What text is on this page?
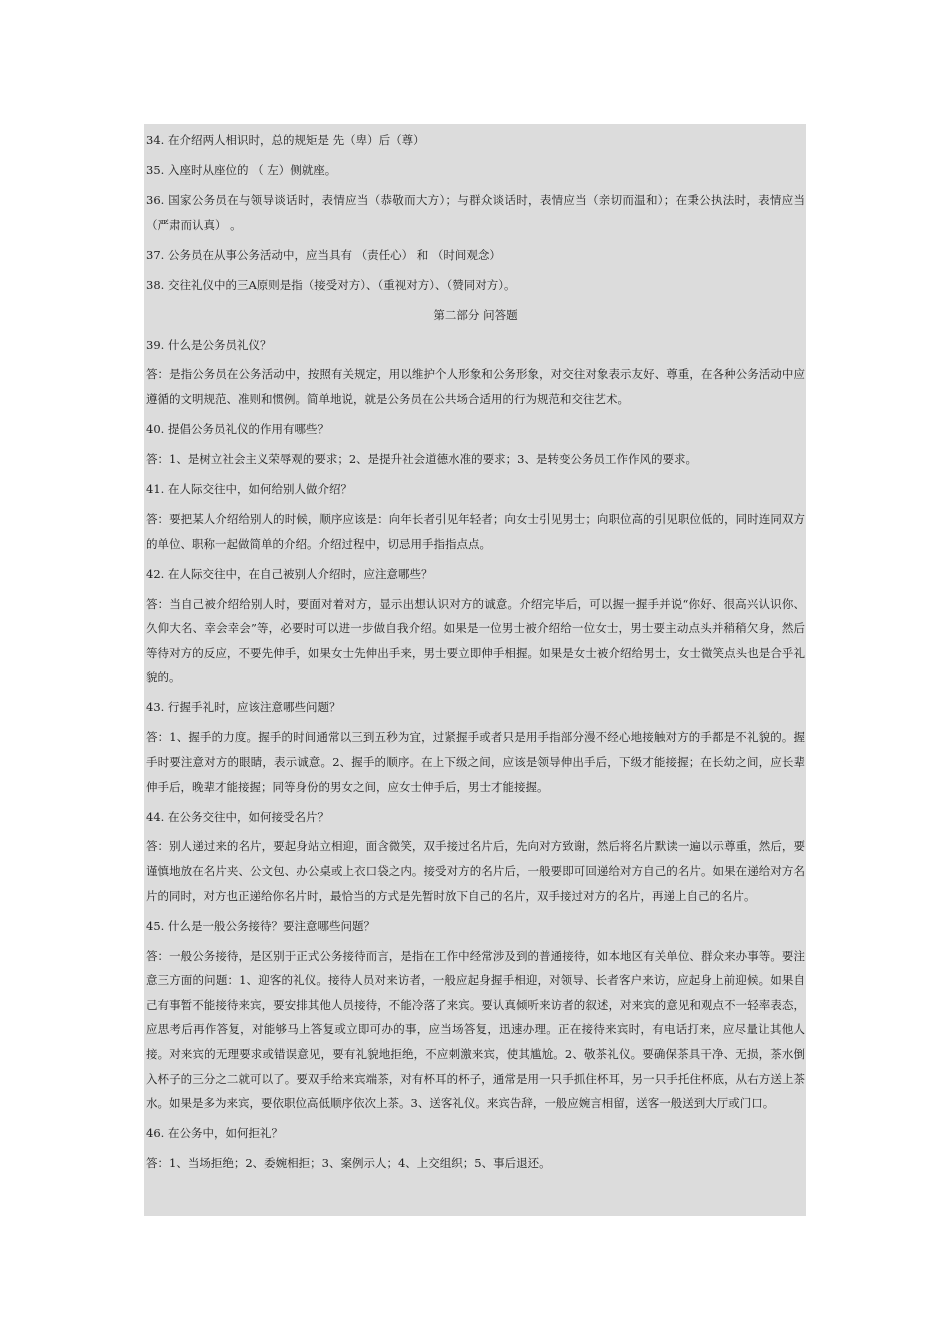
34. 在介绍两人相识时，总的规矩是 先（卑）后（尊）
35. 入座时从座位的 （ 左）侧就座。
36. 国家公务员在与领导谈话时，表情应当（恭敬而大方）；与群众谈话时，表情应当（亲切而温和）；在秉公执法时，表情应当（严肃而认真） 。
37. 公务员在从事公务活动中，应当具有 （责任心） 和 （时间观念）
38. 交往礼仪中的三A原则是指（接受对方）、（重视对方）、（赞同对方）。
第二部分 问答题
39. 什么是公务员礼仪？
答：是指公务员在公务活动中，按照有关规定，用以维护个人形象和公务形象，对交往对象表示友好、尊重，在各种公务活动中应遵循的文明规范、准则和惯例。简单地说，就是公务员在公共场合适用的行为规范和交往艺术。
40. 提倡公务员礼仪的作用有哪些？
答：1、是树立社会主义荣辱观的要求；2、是提升社会道德水准的要求；3、是转变公务员工作作风的要求。
41. 在人际交往中，如何给别人做介绍？
答：要把某人介绍给别人的时候，顺序应该是：向年长者引见年轻者；向女士引见男士；向职位高的引见职位低的，同时连同双方的单位、职称一起做简单的介绍。介绍过程中，切忌用手指指点点。
42. 在人际交往中，在自己被别人介绍时，应注意哪些？
答：当自己被介绍给别人时，要面对着对方，显示出想认识对方的诚意。介绍完毕后，可以握一握手并说“你好、很高兴认识你、久仰大名、幸会幸会”等，必要时可以进一步做自我介绍。如果是一位男士被介绍给一位女士，男士要主动点头并稍稍欠身，然后等待对方的反应，不要先伸手，如果女士先伸出手来，男士要立即伸手相握。如果是女士被介绍给男士，女士微笑点头也是合乎礼貌的。
43. 行握手礼时，应该注意哪些问题？
答：1、握手的力度。握手的时间通常以三到五秒为宜，过紧握手或者只是用手指部分漫不经心地接触对方的手都是不礼貌的。握手时要注意对方的眼睛，表示诚意。2、握手的顺序。在上下级之间，应该是领导伸出手后，下级才能接握；在长幼之间，应长辈伸手后，晚辈才能接握；同等身份的男女之间，应女士伸手后，男士才能接握。
44. 在公务交往中，如何接受名片？
答：别人递过来的名片，要起身站立相迎，面含微笑，双手接过名片后，先向对方致谢，然后将名片默读一遍以示尊重，然后，要谨慎地放在名片夹、公文包、办公桌或上衣口袋之内。接受对方的名片后，一般要即可回递给对方自己的名片。如果在递给对方名片的同时，对方也正递给你名片时，最恰当的方式是先暂时放下自己的名片，双手接过对方的名片，再递上自己的名片。
45. 什么是一般公务接待？要注意哪些问题？
答：一般公务接待，是区别于正式公务接待而言，是指在工作中经常涉及到的普通接待，如本地区有关单位、群众来办事等。要注意三方面的问题：1、迎客的礼仪。接待人员对来访者，一般应起身握手相迎，对领导、长者客户来访，应起身上前迎候。如果自己有事暂不能接待来宾，要安排其他人员接待，不能冷落了来宾。要认真倾听来访者的叙述，对来宾的意见和观点不一轻率表态，应思考后再作答复，对能够马上答复或立即可办的事，应当场答复，迅速办理。正在接待来宾时，有电话打来，应尽量让其他人接。对来宾的无理要求或错误意见，要有礼貌地拒绝，不应刺激来宾，使其尴尬。2、敬茶礼仪。要确保茶具干净、无损，茶水倒入杯子的三分之二就可以了。要双手给来宾端茶，对有杯耳的杯子，通常是用一只手抓住杯耳，另一只手托住杯底，从右方送上茶水。如果是多为来宾，要依职位高低顺序依次上茶。3、送客礼仪。来宾告辞，一般应婉言相留，送客一般送到大厅或门口。
46. 在公务中，如何拒礼？
答：1、当场拒绝；2、委婉相拒；3、案例示人；4、上交组织；5、事后退还。
